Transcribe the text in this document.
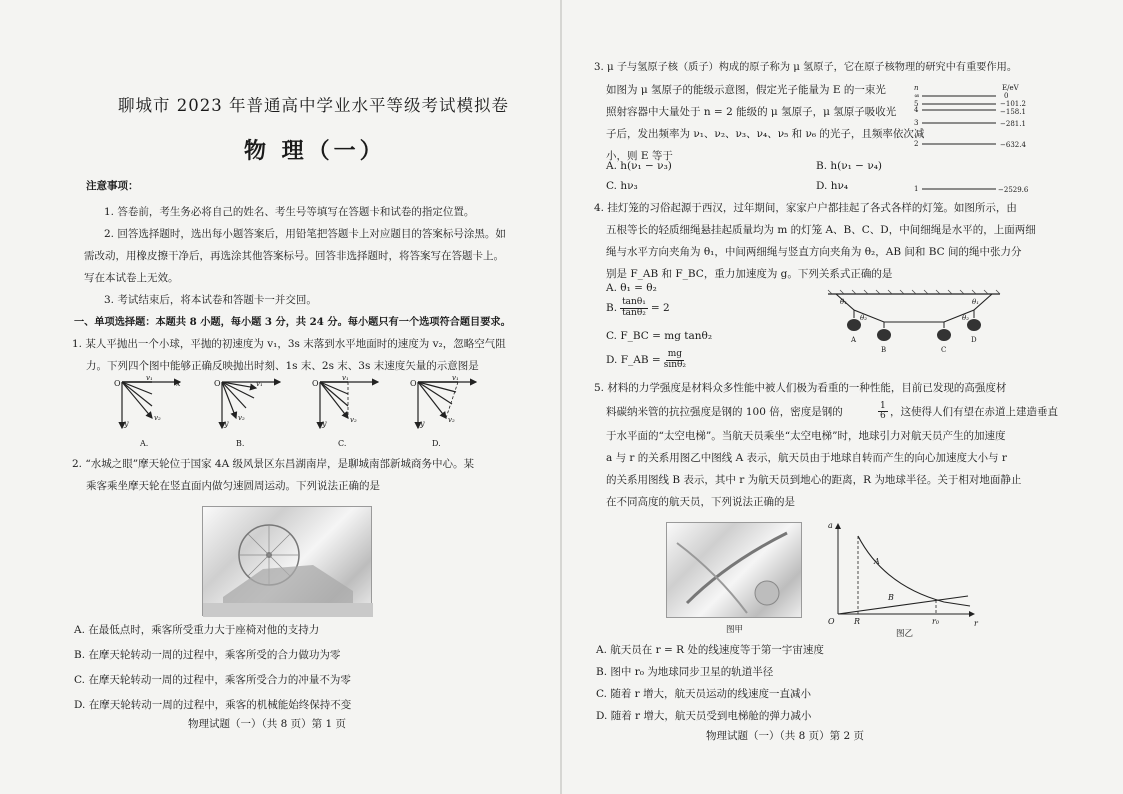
聊城市 2023 年普通高中学业水平等级考试模拟卷
物 理（一）
注意事项：
1. 答卷前，考生务必将自己的姓名、考生号等填写在答题卡和试卷的指定位置。
2. 回答选择题时，选出每小题答案后，用铅笔把答题卡上对应题目的答案标号涂黑。如
需改动，用橡皮擦干净后，再选涂其他答案标号。回答非选择题时，将答案写在答题卡上。
写在本试卷上无效。
3. 考试结束后，将本试卷和答题卡一并交回。
一、单项选择题：本题共 8 小题，每小题 3 分，共 24 分。每小题只有一个选项符合题目要求。
1. 某人平抛出一个小球，平抛的初速度为 v₁，3s 末落到水平地面时的速度为 v₂，忽略空气阻
力。下列四个图中能够正确反映抛出时刻、1s 末、2s 末、3s 末速度矢量的示意图是
O	x
y
v₁
v₂
A.
O
y
v₁
v₂
B.
O
y
v₁
v₂
C.
O
y
v₁
v₂
D.
2. “水城之眼”摩天轮位于国家 4A 级风景区东昌湖南岸，是聊城南部新城商务中心。某
乘客乘坐摩天轮在竖直面内做匀速圆周运动。下列说法正确的是
A. 在最低点时，乘客所受重力大于座椅对他的支持力
B. 在摩天轮转动一周的过程中，乘客所受的合力做功为零
C. 在摩天轮转动一周的过程中，乘客所受合力的冲量不为零
D. 在摩天轮转动一周的过程中，乘客的机械能始终保持不变
物理试题（一）（共 8 页）第 1 页
3. μ 子与氢原子核（质子）构成的原子称为 μ 氢原子，它在原子核物理的研究中有重要作用。
如图为 μ 氢原子的能级示意图，假定光子能量为 E 的一束光
照射容器中大量处于 n = 2 能级的 μ 氢原子，μ 氢原子吸收光
子后，发出频率为 ν₁、ν₂、ν₃、ν₄、ν₅ 和 ν₆ 的光子，且频率依次减
小，则 E 等于
A. h(ν₁ − ν₃)	B. h(ν₁ − ν₄)
C. hν₃	D. hν₄
n	E/eV
∞	0
5	−101.2
4	−158.1
3	−281.1
2	−632.4
1	−2529.6
4. 挂灯笼的习俗起源于西汉，过年期间，家家户户都挂起了各式各样的灯笼。如图所示，由
五根等长的轻质细绳悬挂起质量均为 m 的灯笼 A、B、C、D，中间细绳是水平的，上面两细
绳与水平方向夹角为 θ₁，中间两细绳与竖直方向夹角为 θ₂，AB 间和 BC 间的绳中张力分
别是 F_AB 和 F_BC，重力加速度为 g。下列关系式正确的是
A. θ₁ = θ₂
B. $\frac{\text{tanθ₁}}{\text{tanθ₂}} = 2$
C. F_BC = mg tanθ₂
D. F_AB = $\frac{mg}{\text{sinθ₂}}$
θ₁	θ₁
θ₂	θ₂
A
B	C
D
5. 材料的力学强度是材料众多性能中被人们极为看重的一种性能，目前已发现的高强度材
料碳纳米管的抗拉强度是钢的 100 倍，密度是钢的	1
6 ，这使得人们有望在赤道上建造垂直
于水平面的“太空电梯”。当航天员乘坐“太空电梯”时，地球引力对航天员产生的加速度
a 与 r 的关系用图乙中图线 A 表示，航天员由于地球自转而产生的向心加速度大小与 r
的关系用图线 B 表示，其中 r 为航天员到地心的距离，R 为地球半径。关于相对地面静止
在不同高度的航天员，下列说法正确的是
图甲
a
r
O
A
B
R	r₀
图乙
A. 航天员在 r = R 处的线速度等于第一宇宙速度
B. 图中 r₀ 为地球同步卫星的轨道半径
C. 随着 r 增大，航天员运动的线速度一直减小
D. 随着 r 增大，航天员受到电梯舱的弹力减小
物理试题（一）（共 8 页）第 2 页
